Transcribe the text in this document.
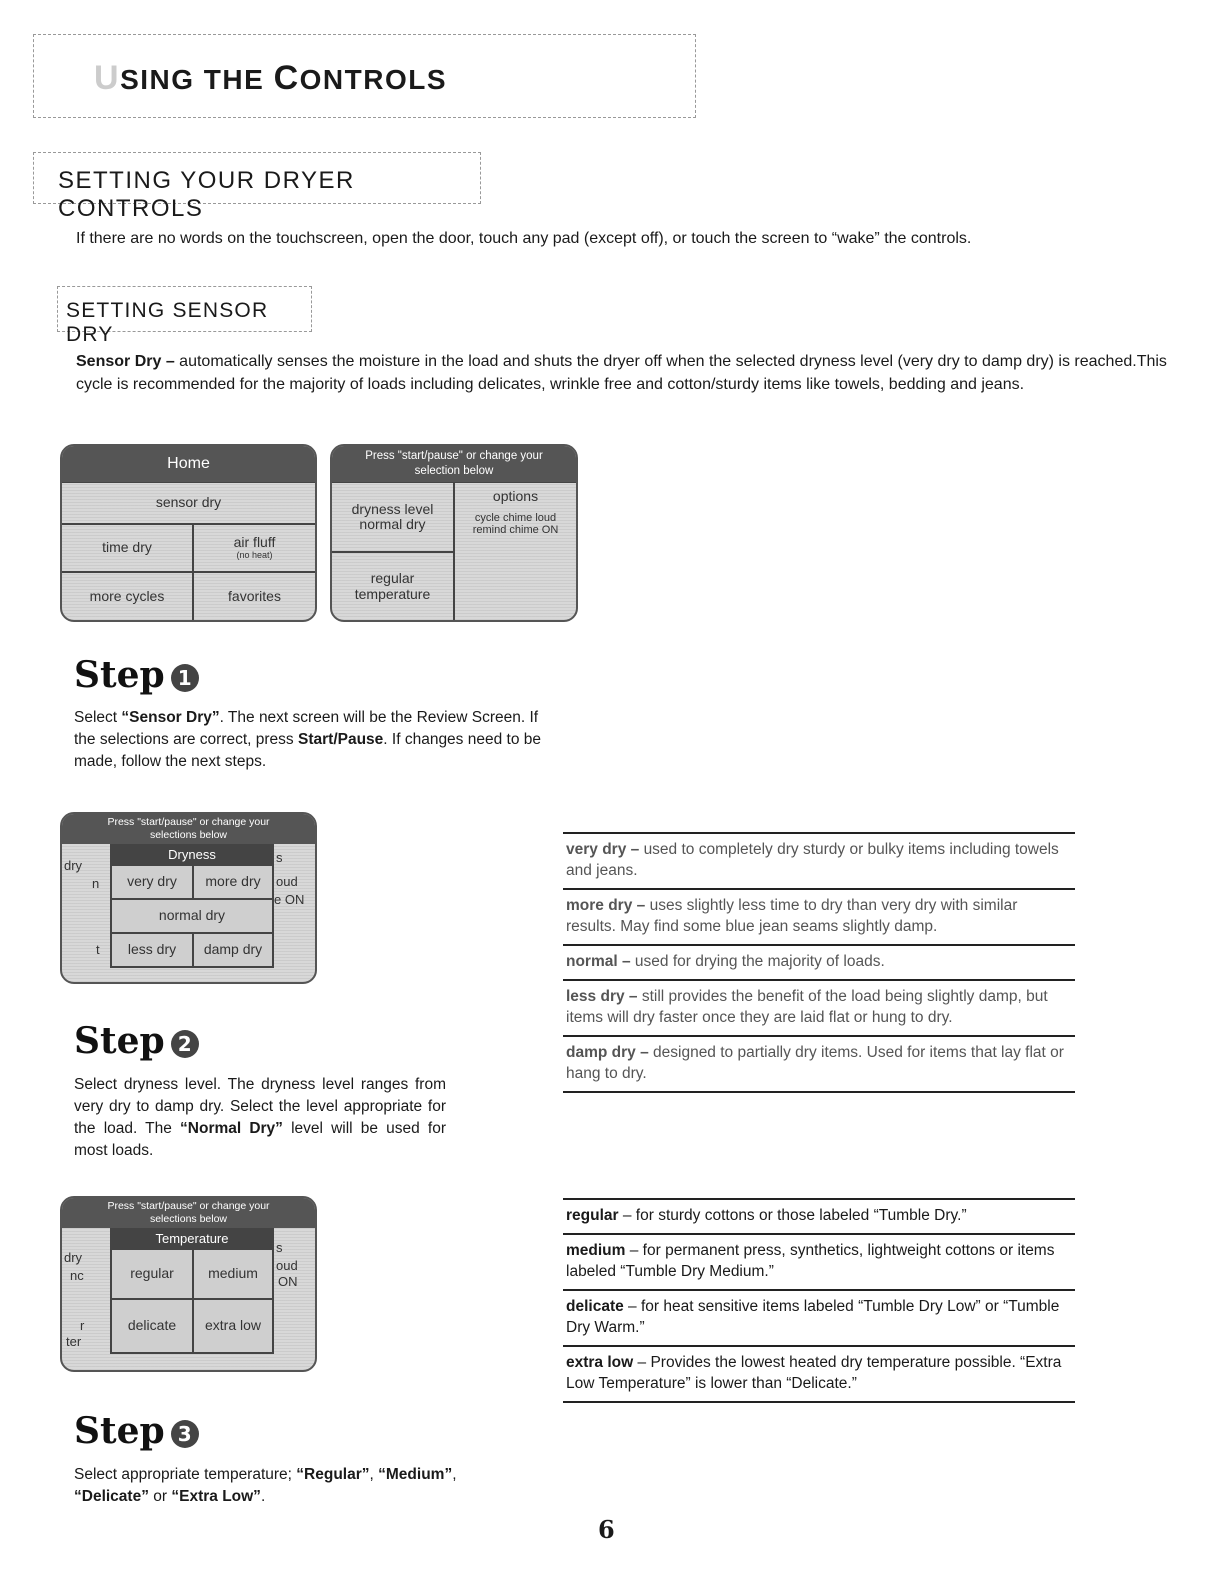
USING THE CONTROLS
SETTING YOUR DRYER CONTROLS

If there are no words on the touchscreen, open the door, touch any pad (except off), or touch the screen to “wake” the controls.

SETTING SENSOR DRY

Sensor Dry – automatically senses the moisture in the load and shuts the dryer off when the selected dryness level (very dry to damp dry) is reached.This cycle is recommended for the majority of loads including delicates, wrinkle free and cotton/sturdy items like towels, bedding and jeans.

Home
sensor dry
time dry	air fluff
(no heat)
more cycles	favorites
Press "start/pause" or change your selection below
dryness level
normal dry
options
cycle chime loud
remind chime ON
regular
temperature
Step 1

Select “Sensor Dry”. The next screen will be the Review Screen. If the selections are correct, press Start/Pause. If changes need to be made, follow the next steps.

Press "start/pause" or change your selections below
dry
n
t
s
oud
e ON
Dryness
very dry	more dry
normal dry
less dry	damp dry
Step 2

Select dryness level. The dryness level ranges from very dry to damp dry. Select the level appropriate for the load. The “Normal Dry” level will be used for most loads.

very dry – used to completely dry sturdy or bulky items including towels and jeans.
more dry – uses slightly less time to dry than very dry with similar results. May find some blue jean seams slightly damp.
normal – used for drying the majority of loads.
less dry – still provides the benefit of the load being slightly damp, but items will dry faster once they are laid flat or hung to dry.
damp dry – designed to partially dry items. Used for items that lay flat or hang to dry.
Press "start/pause" or change your selections below
dry
nc
r
ter
s
oud
ON
Temperature
regular	medium
delicate	extra low
regular – for sturdy cottons or those labeled “Tumble Dry.”
medium – for permanent press, synthetics, lightweight cottons or items labeled “Tumble Dry Medium.”
delicate – for heat sensitive items labeled “Tumble Dry Low” or “Tumble Dry Warm.”
extra low – Provides the lowest heated dry temperature possible. “Extra Low Temperature” is lower than “Delicate.”
Step 3

Select appropriate temperature; “Regular”, “Medium”, “Delicate” or “Extra Low”.

6
